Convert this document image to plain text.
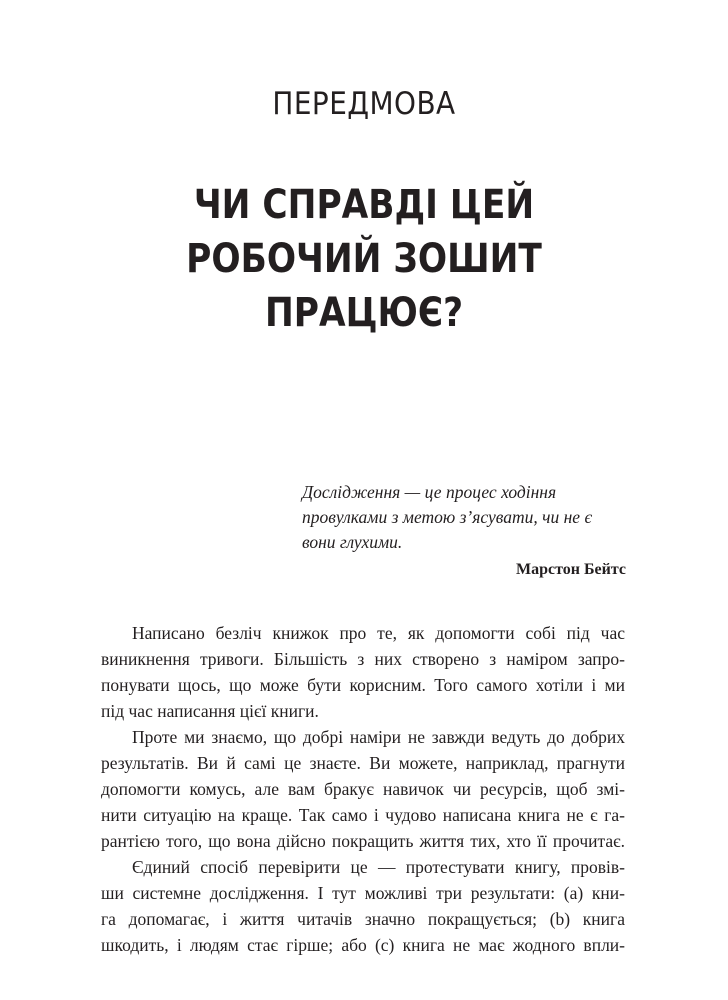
ПЕРЕДМОВА
ЧИ СПРАВДІ ЦЕЙ
РОБОЧИЙ ЗОШИТ
ПРАЦЮЄ?

Дослідження — це процес ходіння
провулками з метою з’ясувати, чи не є
вони глухими.

Марстон Бейтс
Написано безліч книжок про те, як допомогти собі під час
виникнення тривоги. Більшість з них створено з наміром запро-
понувати щось, що може бути корисним. Того самого хотіли і ми
під час написання цієї книги.
Проте ми знаємо, що добрі наміри не завжди ведуть до добрих
результатів. Ви й самі це знаєте. Ви можете, наприклад, прагнути
допомогти комусь, але вам бракує навичок чи ресурсів, щоб змі-
нити ситуацію на краще. Так само і чудово написана книга не є га-
рантією того, що вона дійсно покращить життя тих, хто її прочитає.
Єдиний спосіб перевірити це — протестувати книгу, провів-
ши системне дослідження. І тут можливі три результати: (a) кни-
га допомагає, і життя читачів значно покращується; (b) книга
шкодить, і людям стає гірше; або (c) книга не має жодного впли-
